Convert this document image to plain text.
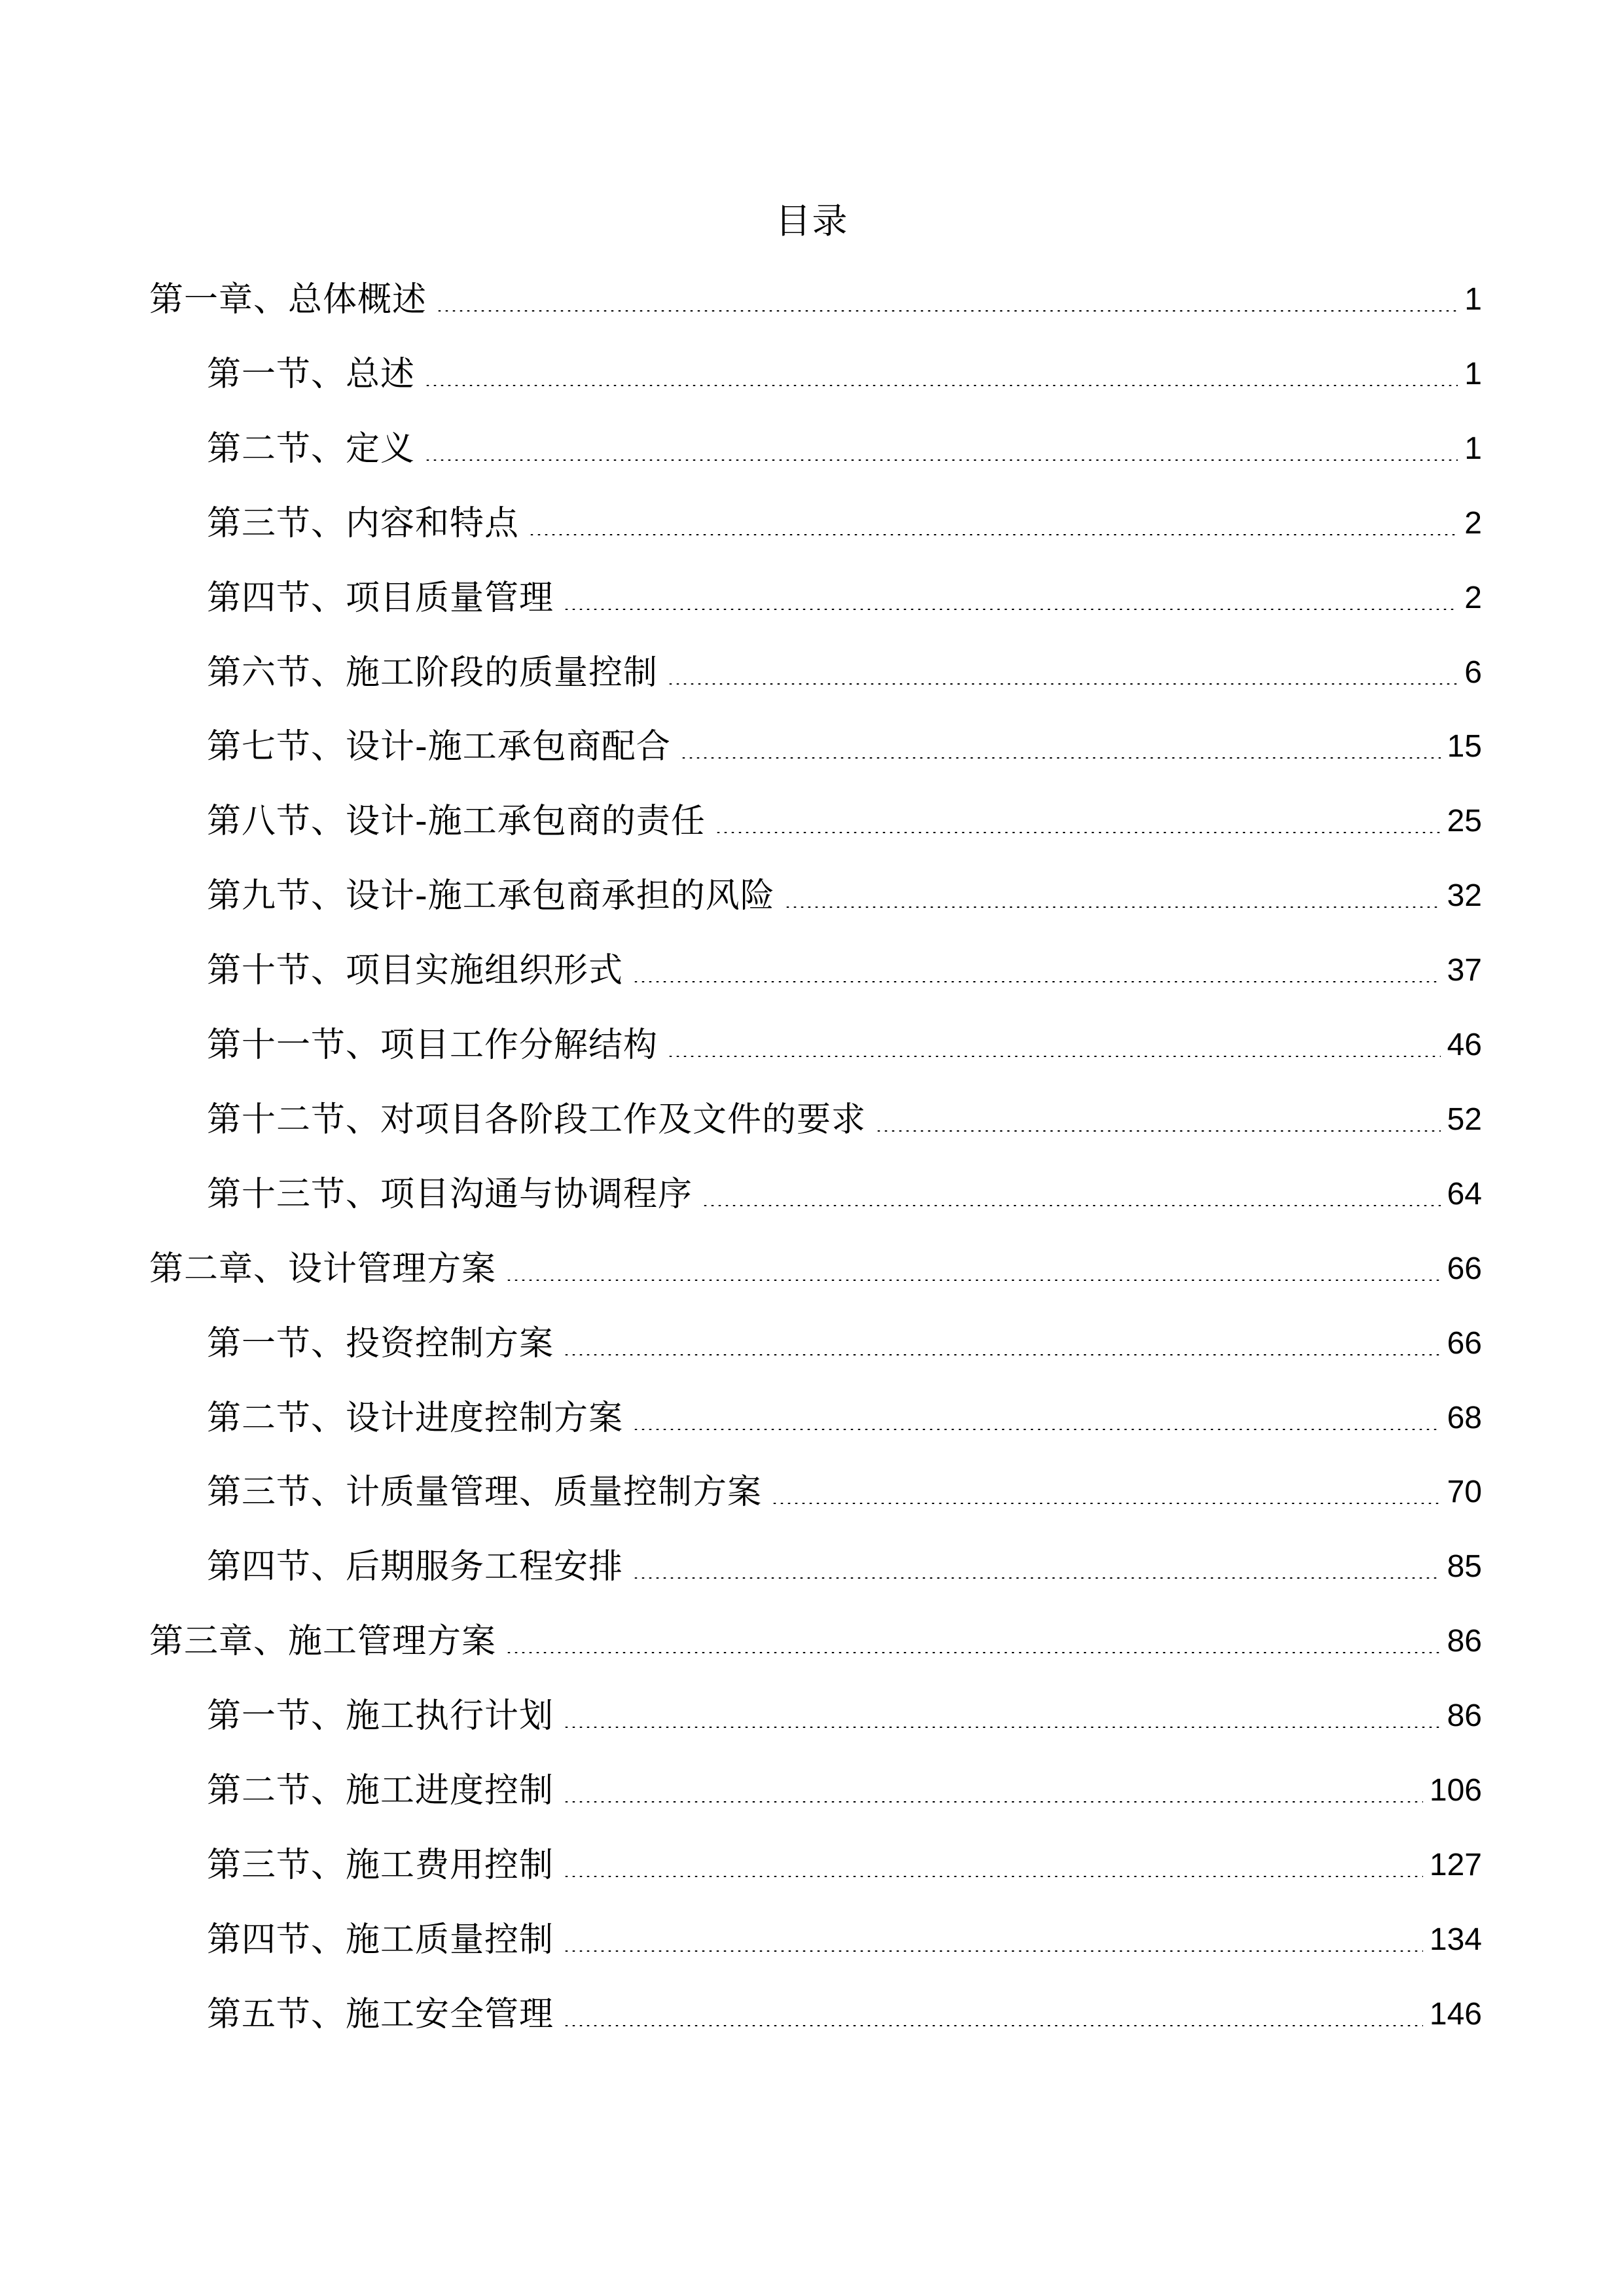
目录
第一章、总体概述	1
第一节、总述	1
第二节、定义	1
第三节、内容和特点	2
第四节、项目质量管理	2
第六节、施工阶段的质量控制	6
第七节、设计-施工承包商配合	15
第八节、设计-施工承包商的责任	25
第九节、设计-施工承包商承担的风险	32
第十节、项目实施组织形式	37
第十一节、项目工作分解结构	46
第十二节、对项目各阶段工作及文件的要求	52
第十三节、项目沟通与协调程序	64
第二章、设计管理方案	66
第一节、投资控制方案	66
第二节、设计进度控制方案	68
第三节、计质量管理、质量控制方案	70
第四节、后期服务工程安排	85
第三章、施工管理方案	86
第一节、施工执行计划	86
第二节、施工进度控制	106
第三节、施工费用控制	127
第四节、施工质量控制	134
第五节、施工安全管理	146
